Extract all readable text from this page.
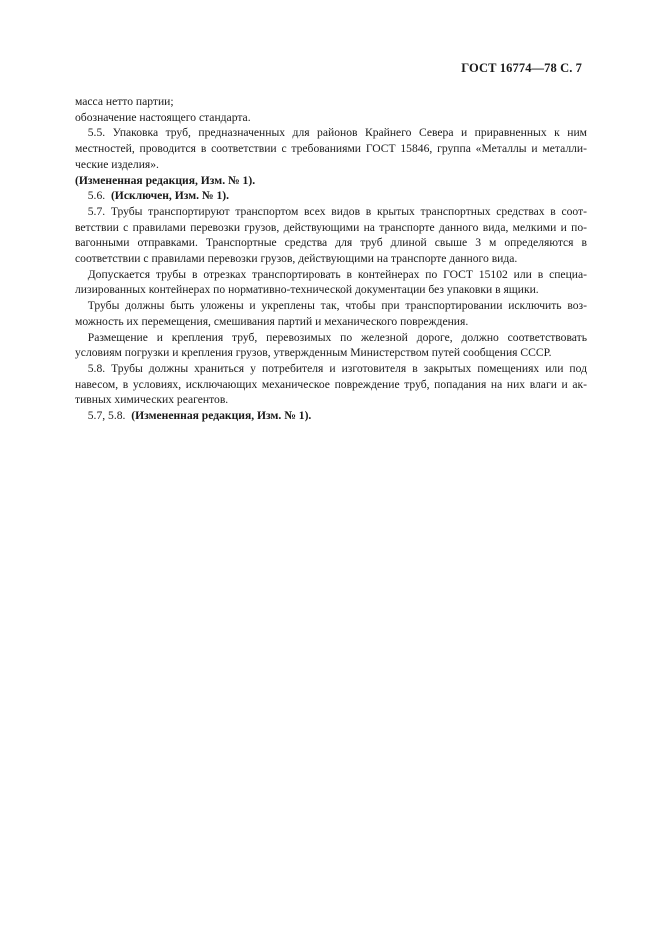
ГОСТ 16774—78 С. 7
масса нетто партии;
обозначение настоящего стандарта.
5.5. Упаковка труб, предназначенных для районов Крайнего Севера и приравненных к ним
местностей, проводится в соответствии с требованиями ГОСТ 15846, группа «Металлы и металли-
ческие изделия».
(Измененная редакция, Изм. № 1).
5.6. (Исключен, Изм. № 1).
5.7. Трубы транспортируют транспортом всех видов в крытых транспортных средствах в соот-
ветствии с правилами перевозки грузов, действующими на транспорте данного вида, мелкими и по-
вагонными отправками. Транспортные средства для труб длиной свыше 3 м определяются в
соответствии с правилами перевозки грузов, действующими на транспорте данного вида.
Допускается трубы в отрезках транспортировать в контейнерах по ГОСТ 15102 или в специа-
лизированных контейнерах по нормативно-технической документации без упаковки в ящики.
Трубы должны быть уложены и укреплены так, чтобы при транспортировании исключить воз-
можность их перемещения, смешивания партий и механического повреждения.
Размещение и крепления труб, перевозимых по железной дороге, должно соответствовать
условиям погрузки и крепления грузов, утвержденным Министерством путей сообщения СССР.
5.8. Трубы должны храниться у потребителя и изготовителя в закрытых помещениях или под
навесом, в условиях, исключающих механическое повреждение труб, попадания на них влаги и ак-
тивных химических реагентов.
5.7, 5.8. (Измененная редакция, Изм. № 1).
